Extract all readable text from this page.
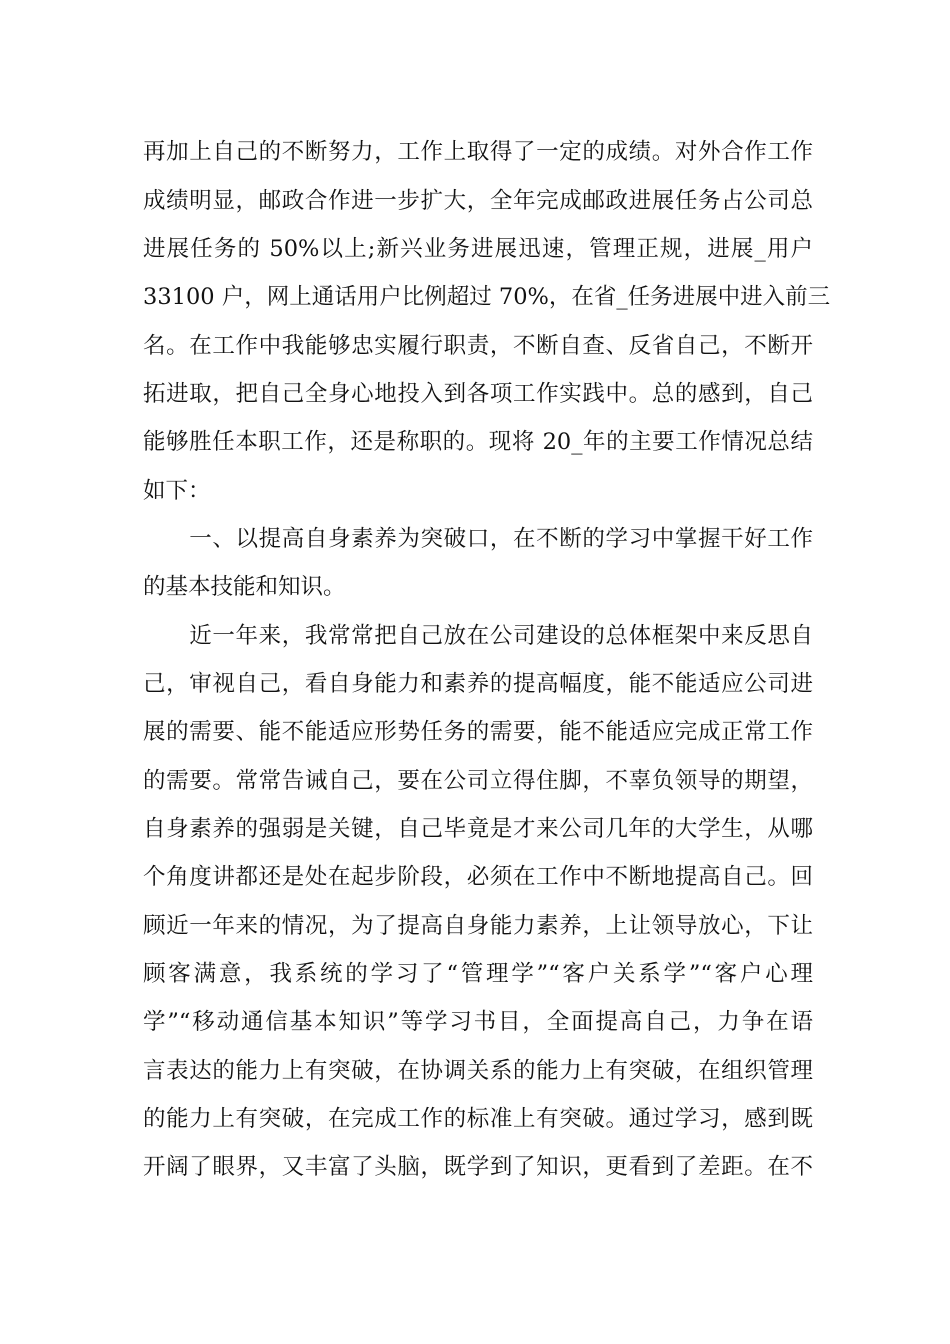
再加上自己的不断努力，工作上取得了一定的成绩。对外合作工作
成绩明显，邮政合作进一步扩大，全年完成邮政进展任务占公司总
进展任务的 50%以上;新兴业务进展迅速，管理正规，进展_用户
33100 户，网上通话用户比例超过 70%，在省_任务进展中进入前三
名。在工作中我能够忠实履行职责，不断自查、反省自己，不断开
拓进取，把自己全身心地投入到各项工作实践中。总的感到，自己
能够胜任本职工作，还是称职的。现将 20_年的主要工作情况总结
如下：
　　一、以提高自身素养为突破口，在不断的学习中掌握干好工作
的基本技能和知识。
　　近一年来，我常常把自己放在公司建设的总体框架中来反思自
己，审视自己，看自身能力和素养的提高幅度，能不能适应公司进
展的需要、能不能适应形势任务的需要，能不能适应完成正常工作
的需要。常常告诫自己，要在公司立得住脚，不辜负领导的期望，
自身素养的强弱是关键，自己毕竟是才来公司几年的大学生，从哪
个角度讲都还是处在起步阶段，必须在工作中不断地提高自己。回
顾近一年来的情况，为了提高自身能力素养，上让领导放心，下让
顾客满意，我系统的学习了“管理学”“客户关系学”“客户心理
学”“移动通信基本知识”等学习书目，全面提高自己，力争在语
言表达的能力上有突破，在协调关系的能力上有突破，在组织管理
的能力上有突破，在完成工作的标准上有突破。通过学习，感到既
开阔了眼界，又丰富了头脑，既学到了知识，更看到了差距。在不
